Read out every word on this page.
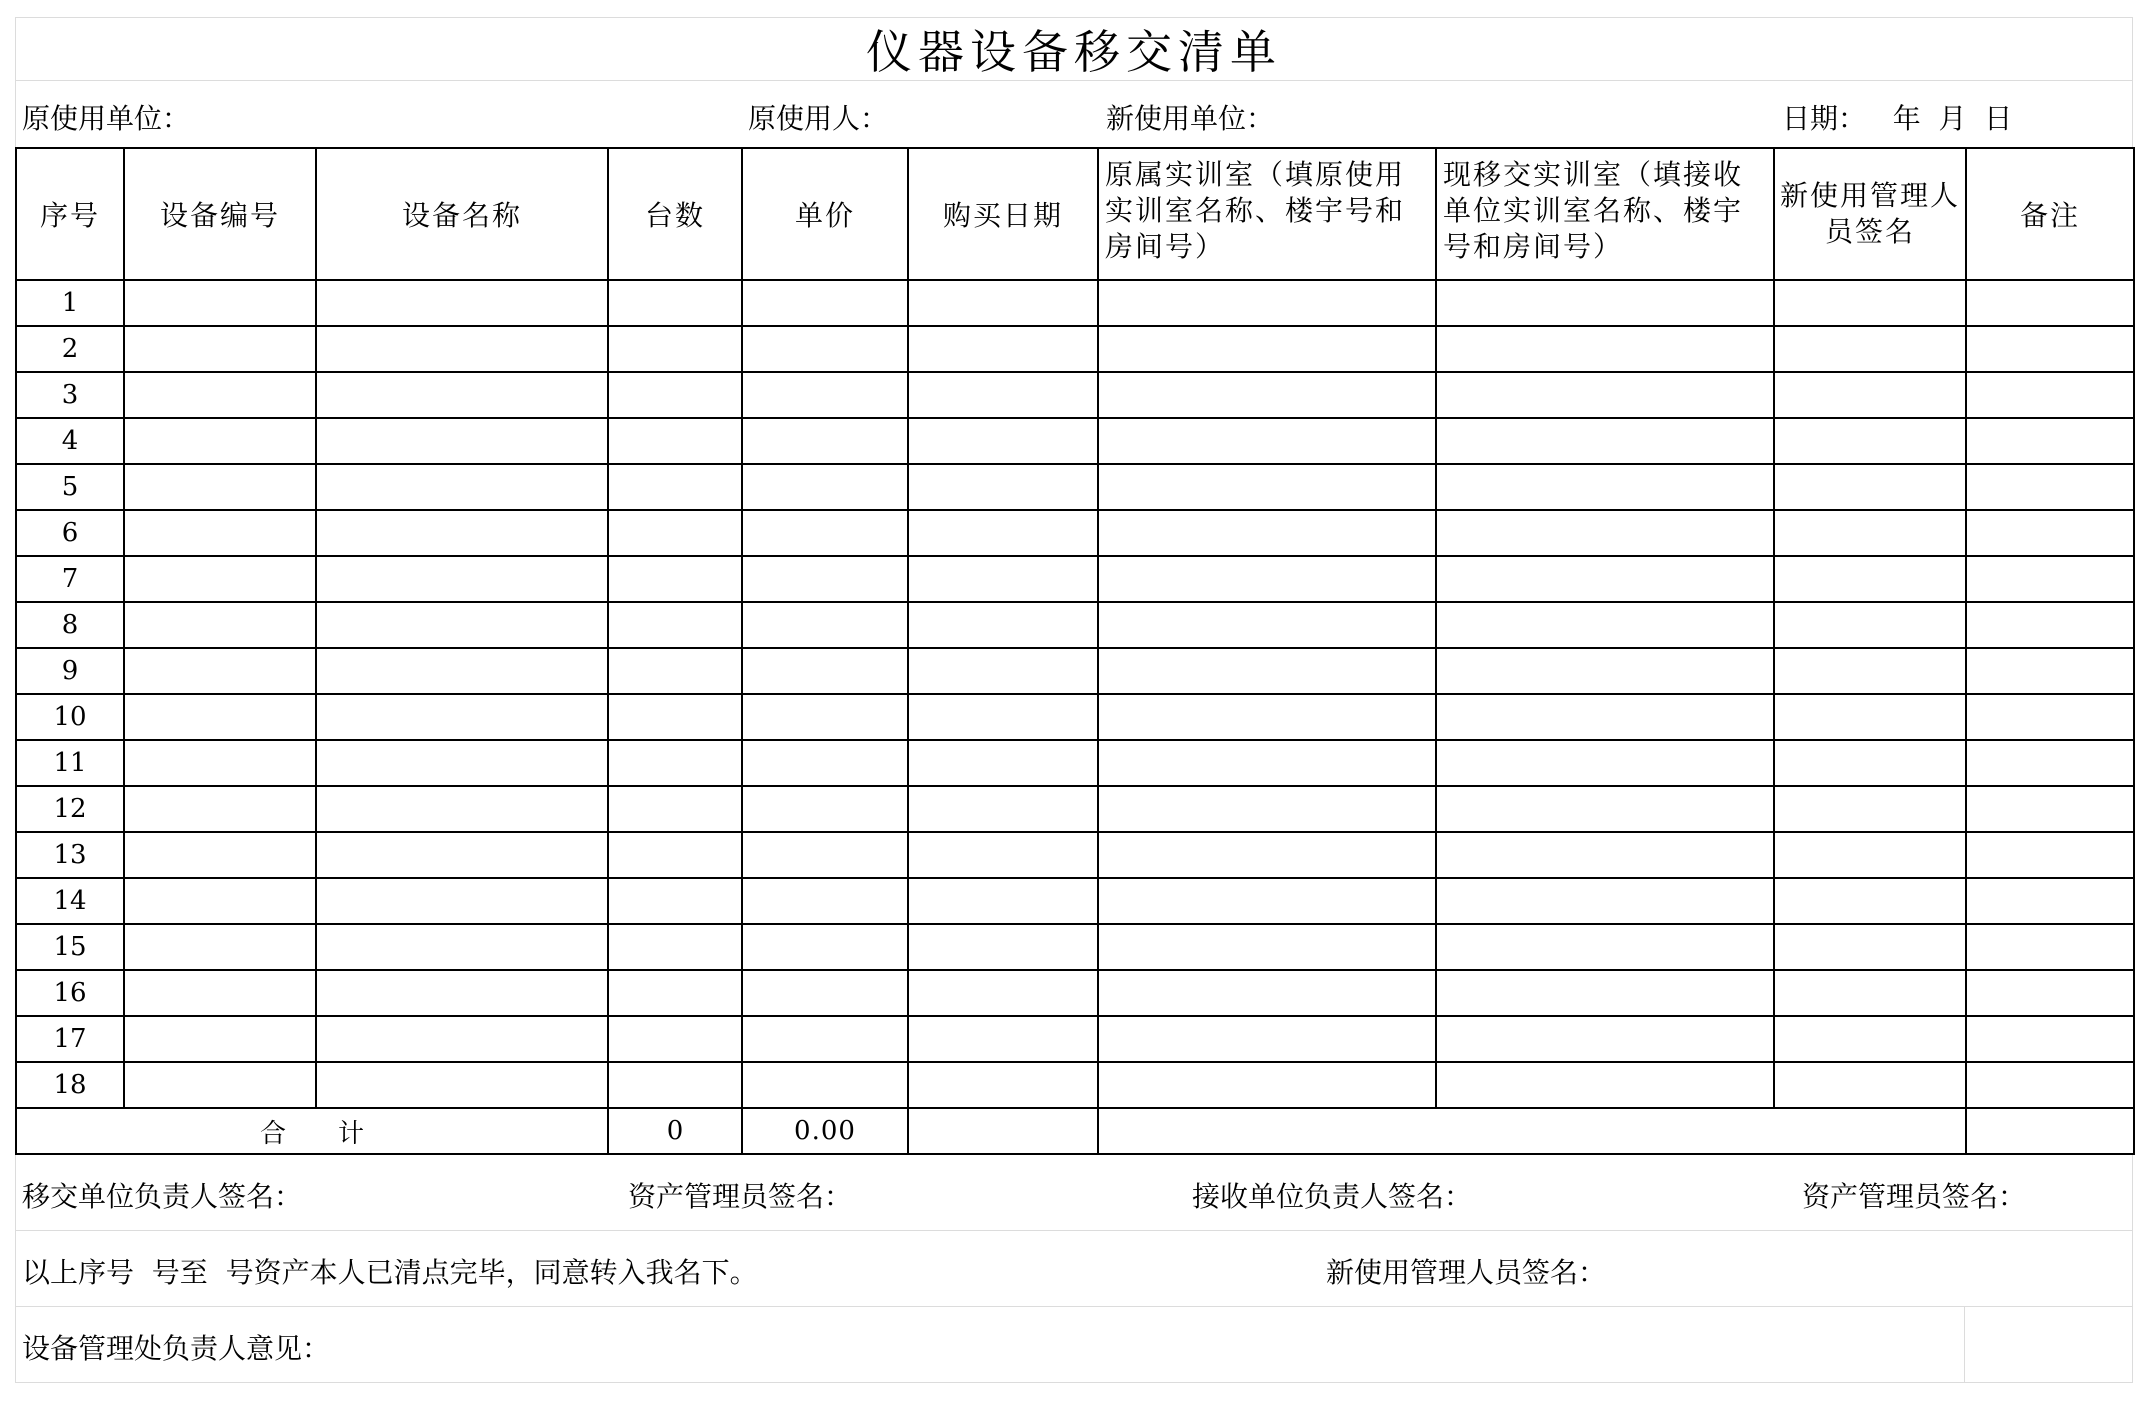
仪器设备移交清单
原使用单位：	原使用人：	新使用单位：	日期：   年  月  日
序号	设备编号	设备名称	台数	单价	购买日期	原属实训室（填原使用实训室名称、楼宇号和房间号）	现移交实训室（填接收单位实训室名称、楼宇号和房间号）	新使用管理人员签名	备注
1									
2									
3									
4									
5									
6									
7									
8									
9									
10									
11									
12									
13									
14									
15									
16									
17									
18									
合　　计			0	0.00					
移交单位负责人签名：	资产管理员签名：	接收单位负责人签名：	资产管理员签名：
以上序号  号至  号资产本人已清点完毕，同意转入我名下。	新使用管理人员签名：
设备管理处负责人意见：
